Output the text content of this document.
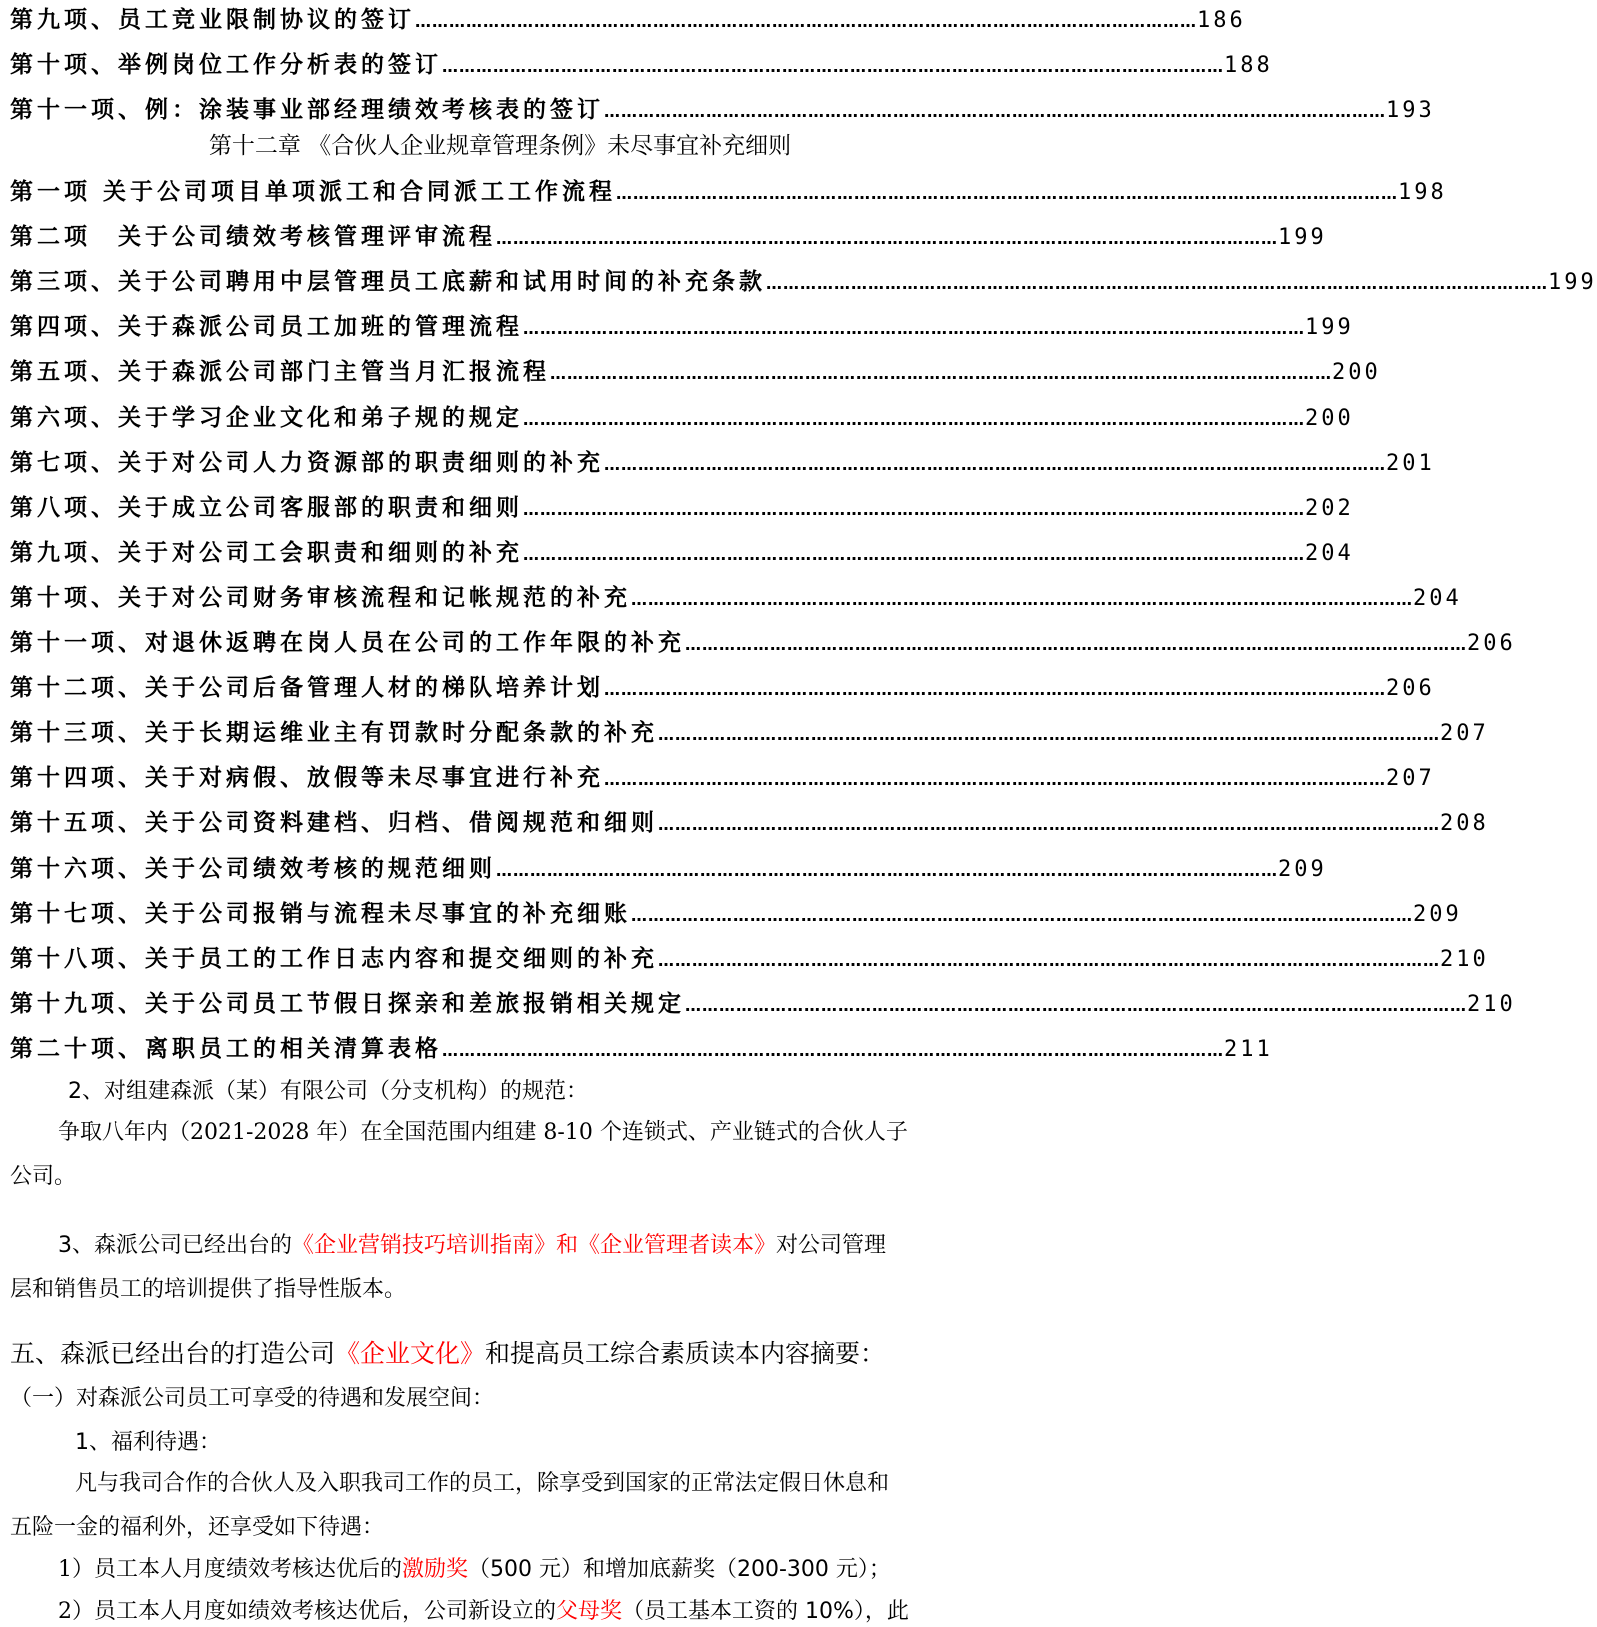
第九项、员工竞业限制协议的签订 ………………………………………………………………………………………………………………………… 186
第十项、举例岗位工作分析表的签订 ………………………………………………………………………………………………………………………… 188
第十一项、例：涂装事业部经理绩效考核表的签订 ………………………………………………………………………………………………………………………… 193
第十二章 《合伙人企业规章管理条例》未尽事宜补充细则
第一项 关于公司项目单项派工和合同派工工作流程 ………………………………………………………………………………………………………………………… 198
第二项　关于公司绩效考核管理评审流程 ………………………………………………………………………………………………………………………… 199
第三项、关于公司聘用中层管理员工底薪和试用时间的补充条款 ………………………………………………………………………………………………………………………… 199
第四项、关于森派公司员工加班的管理流程 ………………………………………………………………………………………………………………………… 199
第五项、关于森派公司部门主管当月汇报流程 ………………………………………………………………………………………………………………………… 200
第六项、关于学习企业文化和弟子规的规定 ………………………………………………………………………………………………………………………… 200
第七项、关于对公司人力资源部的职责细则的补充 ………………………………………………………………………………………………………………………… 201
第八项、关于成立公司客服部的职责和细则 ………………………………………………………………………………………………………………………… 202
第九项、关于对公司工会职责和细则的补充 ………………………………………………………………………………………………………………………… 204
第十项、关于对公司财务审核流程和记帐规范的补充 ………………………………………………………………………………………………………………………… 204
第十一项、对退休返聘在岗人员在公司的工作年限的补充 ………………………………………………………………………………………………………………………… 206
第十二项、关于公司后备管理人材的梯队培养计划 ………………………………………………………………………………………………………………………… 206
第十三项、关于长期运维业主有罚款时分配条款的补充 ………………………………………………………………………………………………………………………… 207
第十四项、关于对病假、放假等未尽事宜进行补充 ………………………………………………………………………………………………………………………… 207
第十五项、关于公司资料建档、归档、借阅规范和细则 ………………………………………………………………………………………………………………………… 208
第十六项、关于公司绩效考核的规范细则 ………………………………………………………………………………………………………………………… 209
第十七项、关于公司报销与流程未尽事宜的补充细账 ………………………………………………………………………………………………………………………… 209
第十八项、关于员工的工作日志内容和提交细则的补充 ………………………………………………………………………………………………………………………… 210
第十九项、关于公司员工节假日探亲和差旅报销相关规定 ………………………………………………………………………………………………………………………… 210
第二十项、离职员工的相关清算表格 ………………………………………………………………………………………………………………………… 211
2、对组建森派（某）有限公司（分支机构）的规范：
争取八年内（2021-2028 年）在全国范围内组建 8-10 个连锁式、产业链式的合伙人子
公司。
3、森派公司已经出台的《企业营销技巧培训指南》和《企业管理者读本》对公司管理
层和销售员工的培训提供了指导性版本。
五、森派已经出台的打造公司《企业文化》和提高员工综合素质读本内容摘要：
（一）对森派公司员工可享受的待遇和发展空间：
1、福利待遇：
凡与我司合作的合伙人及入职我司工作的员工，除享受到国家的正常法定假日休息和
五险一金的福利外，还享受如下待遇：
1）员工本人月度绩效考核达优后的激励奖（500 元）和增加底薪奖（200-300 元）；
2）员工本人月度如绩效考核达优后，公司新设立的父母奖（员工基本工资的 10%），此
